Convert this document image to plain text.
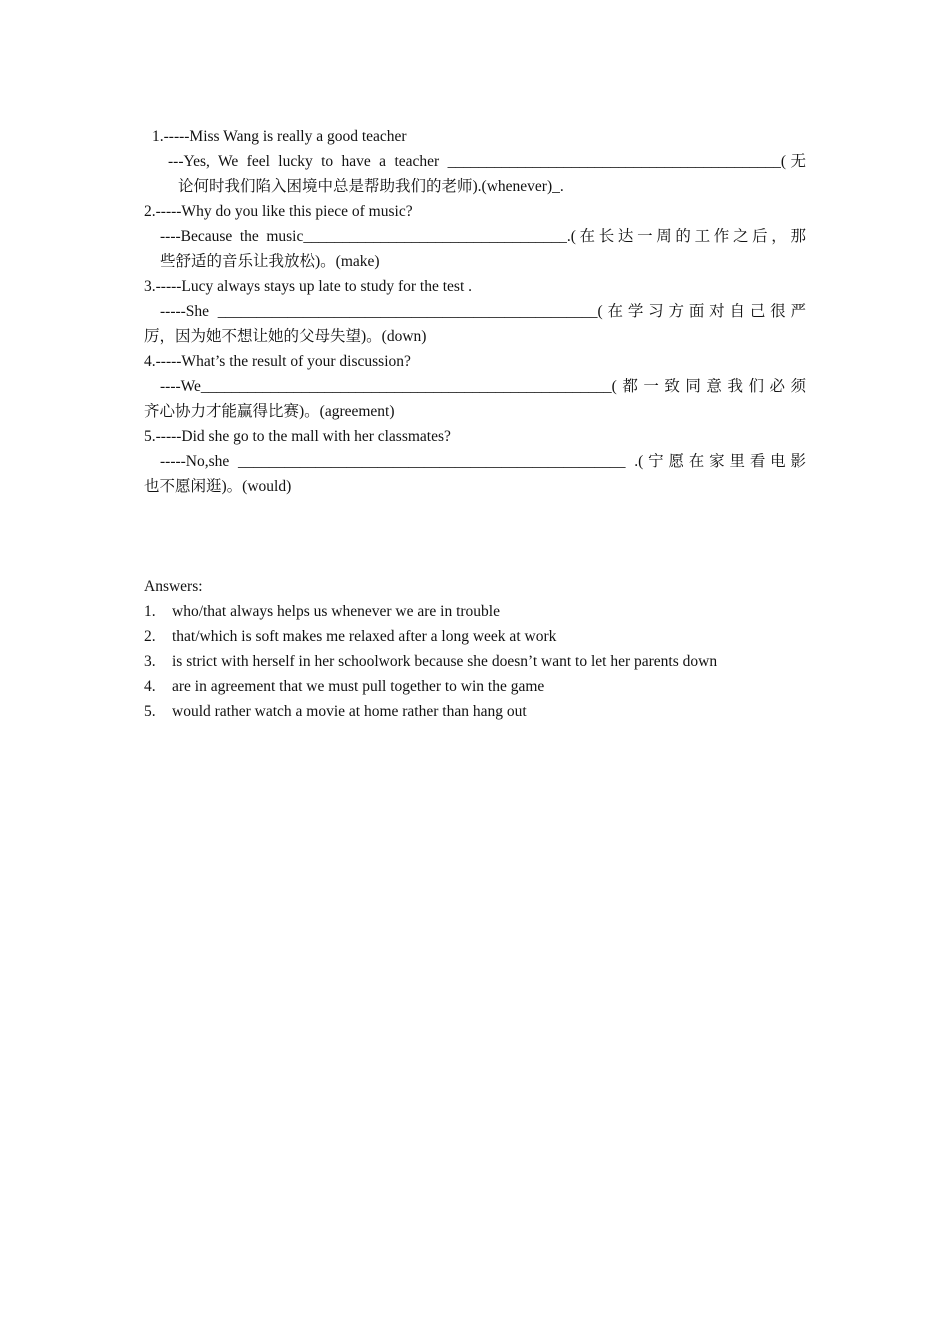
1.-----Miss Wang is really a good teacher
---Yes, We feel lucky to have a teacher ___________________________________________(无
论何时我们陷入困境中总是帮助我们的老师).(whenever)_.
2.-----Why do you like this piece of music?
----Because the music__________________________________.(在长达一周的工作之后，那
些舒适的音乐让我放松)。(make)
3.-----Lucy always stays up late to study for the test .
-----She _________________________________________________(在学习方面对自己很严
厉，因为她不想让她的父母失望)。(down)
4.-----What’s the result of your discussion?
----We_____________________________________________________(都一致同意我们必须
齐心协力才能赢得比赛)。(agreement)
5.-----Did she go to the mall with her classmates?
-----No,she __________________________________________________ .(宁愿在家里看电影
也不愿闲逛)。(would)
Answers:
1. who/that always helps us whenever we are in trouble
2. that/which is soft makes me relaxed after a long week at work
3. is strict with herself in her schoolwork because she doesn’t want to let her parents down
4. are in agreement that we must pull together to win the game
5. would rather watch a movie at home rather than hang out
